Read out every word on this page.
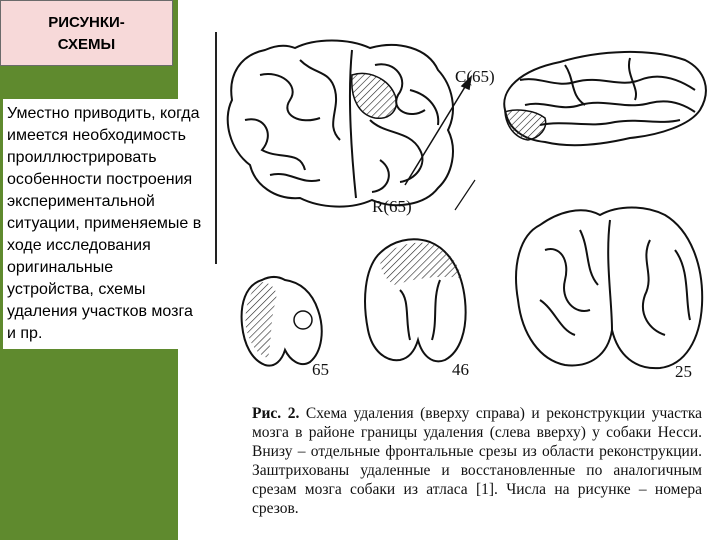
РИСУНКИ-
СХЕМЫ
Уместно приводить, когда имеется необходимость проиллюстрировать особенности построения экспериментальной ситуации, применяемые в ходе исследования оригинальные устройства, схемы удаления участков мозга и пр.
C(65)
R(65)
65	46	25
Рис. 2. Схема удаления (вверху справа) и реконструкции участка мозга в районе границы удаления (слева вверху) у собаки Несси. Внизу – отдельные фронтальные срезы из области реконструкции. Заштрихованы удаленные и восстановленные по аналогичным срезам мозга собаки из атласа [1]. Числа на рисунке – номера срезов.
